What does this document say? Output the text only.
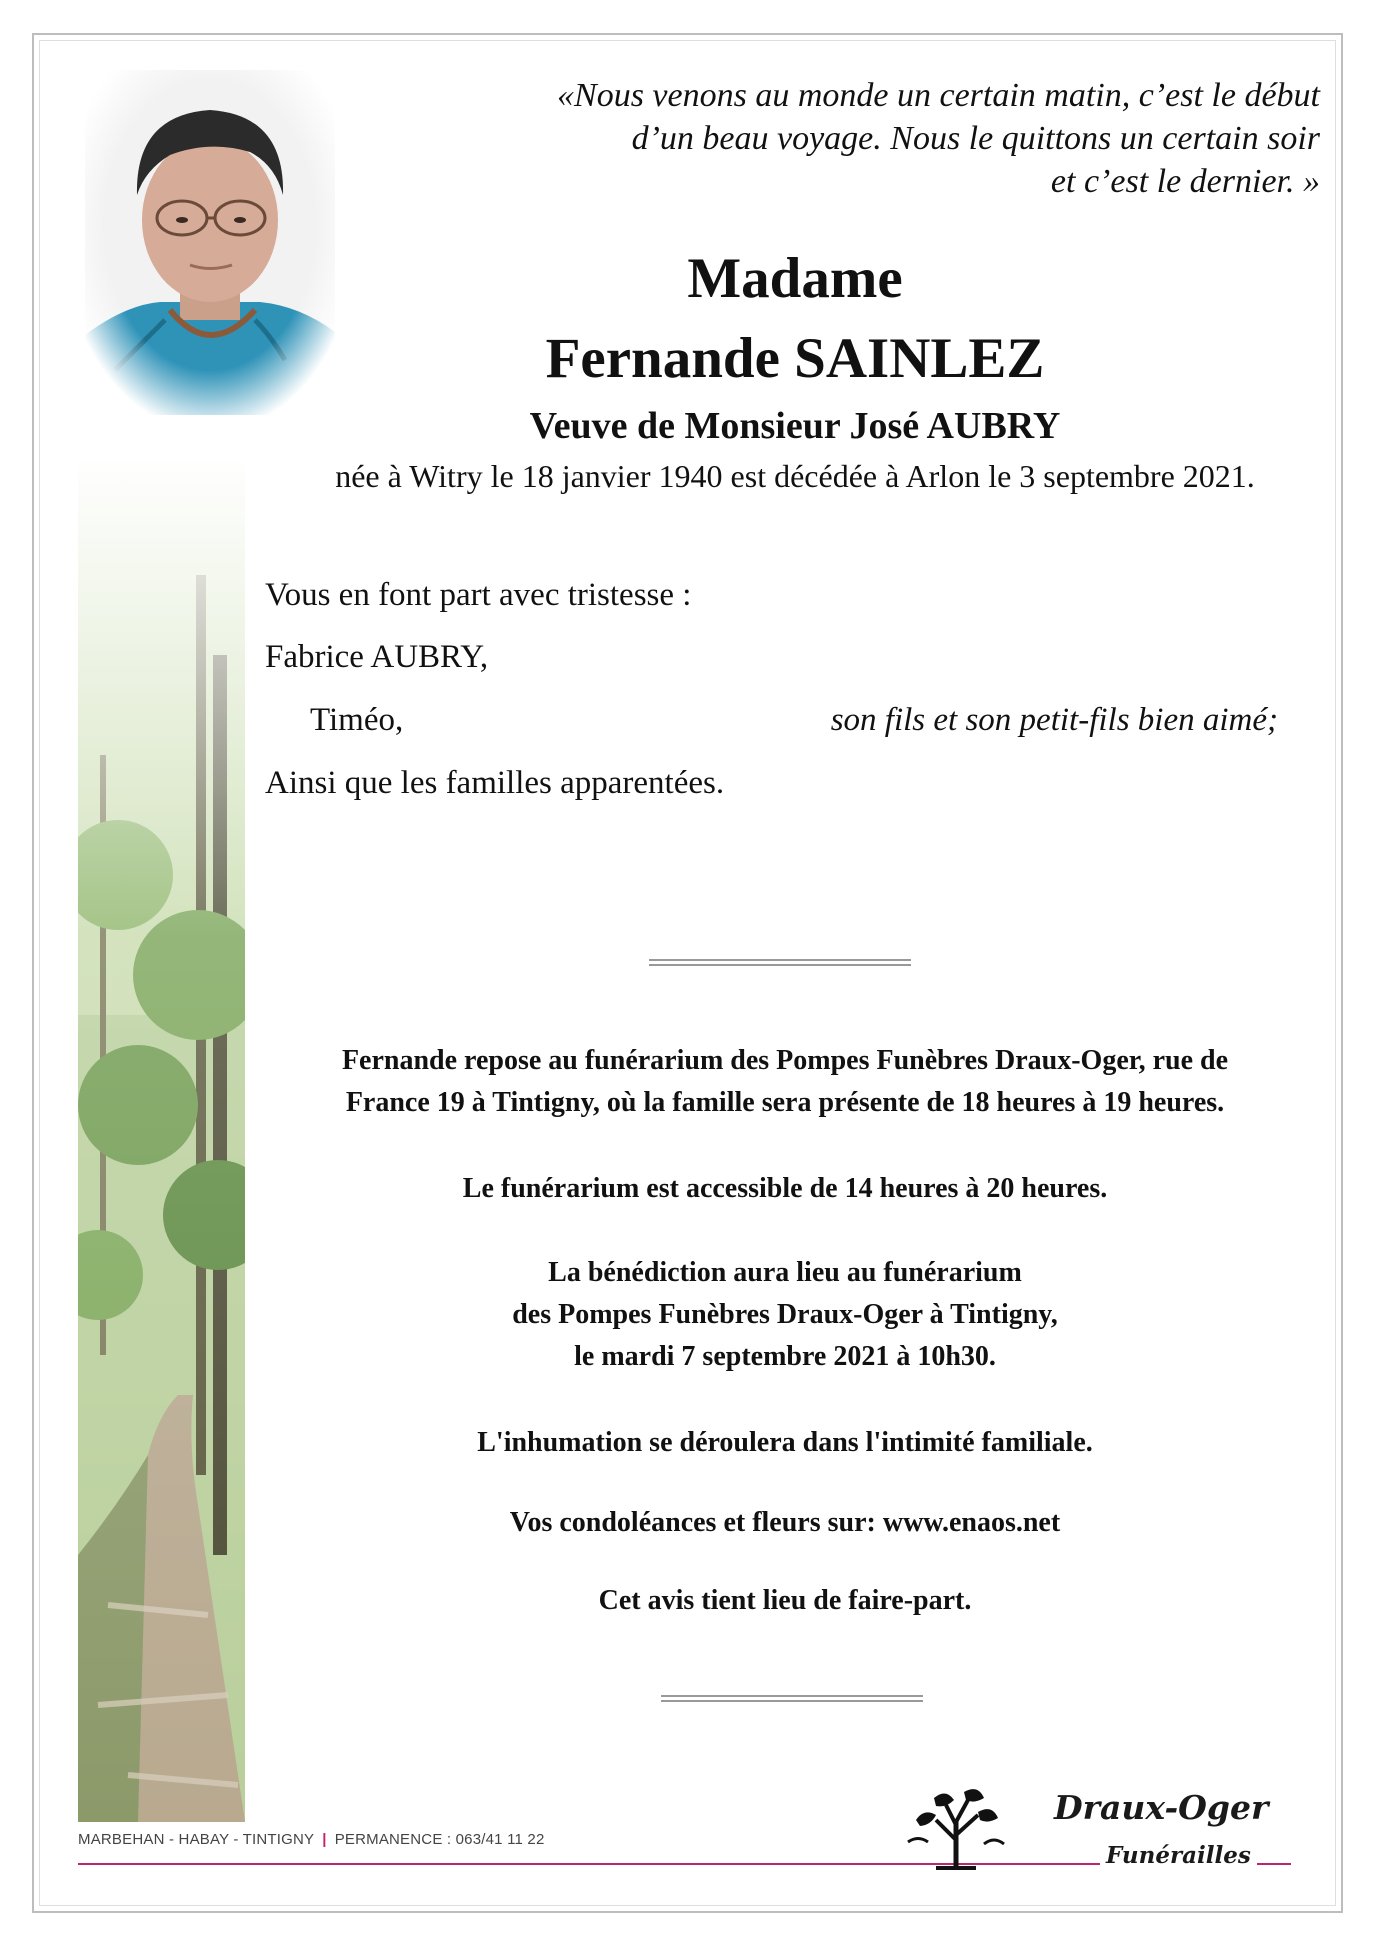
«Nous venons au monde un certain matin, c’est le début
d’un beau voyage. Nous le quittons un certain soir
et c’est le dernier. »
Madame
Fernande SAINLEZ
Veuve de Monsieur José AUBRY
née à Witry le 18 janvier 1940 est décédée à Arlon le 3 septembre 2021.
Vous en font part avec tristesse :
Fabrice AUBRY,
Timéo,	son fils et son petit-fils bien aimé;
Ainsi que les familles apparentées.
Fernande repose au funérarium des Pompes Funèbres Draux-Oger, rue de
France 19 à Tintigny, où la famille sera présente de 18 heures à 19 heures.
Le funérarium est accessible de 14 heures à 20 heures.
La bénédiction aura lieu au funérarium
des Pompes Funèbres Draux-Oger à Tintigny,
le mardi 7 septembre 2021 à 10h30.
L'inhumation se déroulera dans l'intimité familiale.
Vos condoléances et fleurs sur: www.enaos.net
Cet avis tient lieu de faire-part.
MARBEHAN - HABAY - TINTIGNY | PERMANENCE : 063/41 11 22
Draux-Oger
Funérailles
